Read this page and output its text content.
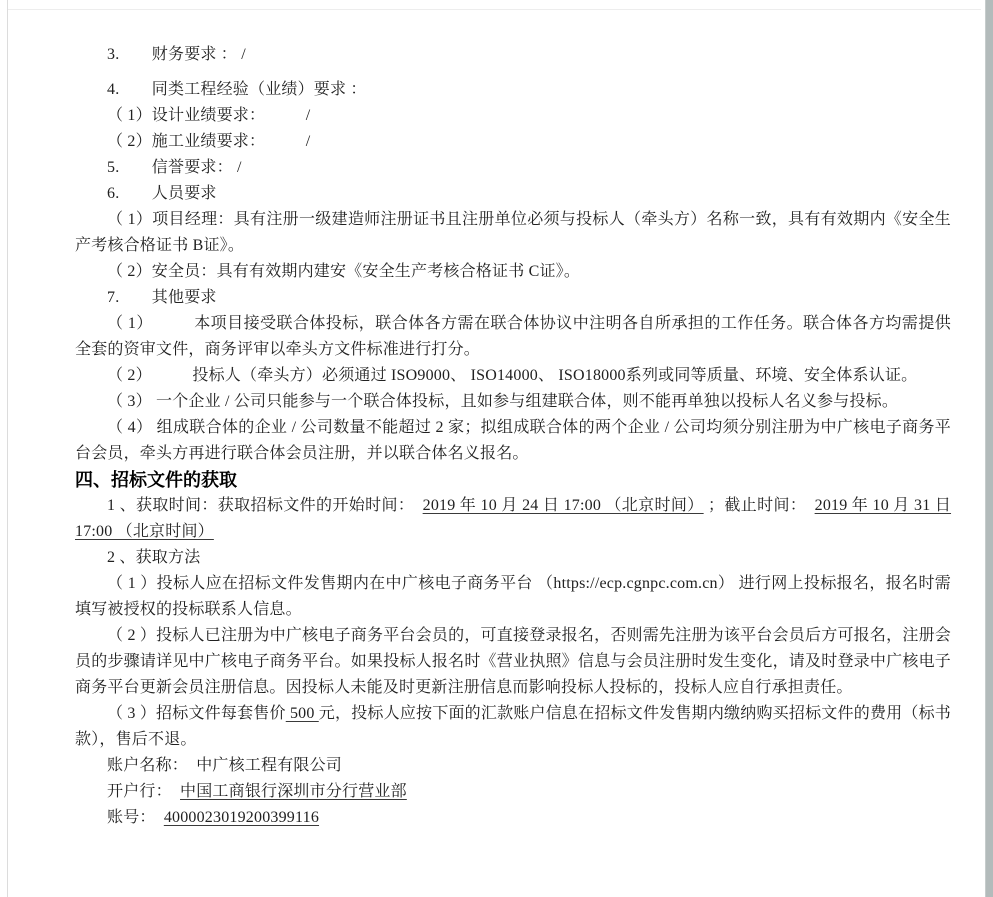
3.　　财务要求 ： /

4.　　同类工程经验（业绩）要求 ：

（ 1）设计业绩要求：　　　/

（ 2）施工业绩要求：　　　/

5.　　信誉要求： /

6.　　人员要求

（ 1）项目经理：具有注册一级建造师注册证书且注册单位必须与投标人（牵头方）名称一致，具有有效期内《安全生产考核合格证书 B证》。

（ 2）安全员：具有有效期内建安《安全生产考核合格证书 C证》。

7.　　其他要求

（ 1）　　　本项目接受联合体投标，联合体各方需在联合体协议中注明各自所承担的工作任务。联合体各方均需提供全套的资审文件，商务评审以牵头方文件标准进行打分。

（ 2）　　　投标人（牵头方）必须通过 ISO9000、 ISO14000、 ISO18000系列或同等质量、环境、安全体系认证。

（ 3） 一个企业 / 公司只能参与一个联合体投标，且如参与组建联合体，则不能再单独以投标人名义参与投标。

（ 4） 组成联合体的企业 / 公司数量不能超过 2 家；拟组成联合体的两个企业 / 公司均须分别注册为中广核电子商务平台会员，牵头方再进行联合体会员注册，并以联合体名义报名。

四、招标文件的获取

1 、获取时间：获取招标文件的开始时间：　2019 年 10 月 24 日 17:00 （北京时间） ；截止时间：　2019 年 10 月 31 日 17:00 （北京时间）

2 、获取方法

（ 1 ）投标人应在招标文件发售期内在中广核电子商务平台 （https://ecp.cgnpc.com.cn） 进行网上投标报名，报名时需填写被授权的投标联系人信息。

（ 2 ）投标人已注册为中广核电子商务平台会员的，可直接登录报名，否则需先注册为该平台会员后方可报名，注册会员的步骤请详见中广核电子商务平台。如果投标人报名时《营业执照》信息与会员注册时发生变化，请及时登录中广核电子商务平台更新会员注册信息。因投标人未能及时更新注册信息而影响投标人投标的，投标人应自行承担责任。

（ 3 ）招标文件每套售价 500 元，投标人应按下面的汇款账户信息在招标文件发售期内缴纳购买招标文件的费用（标书款），售后不退。

账户名称：　中广核工程有限公司

开户行：　中国工商银行深圳市分行营业部

账号：　4000023019200399116
